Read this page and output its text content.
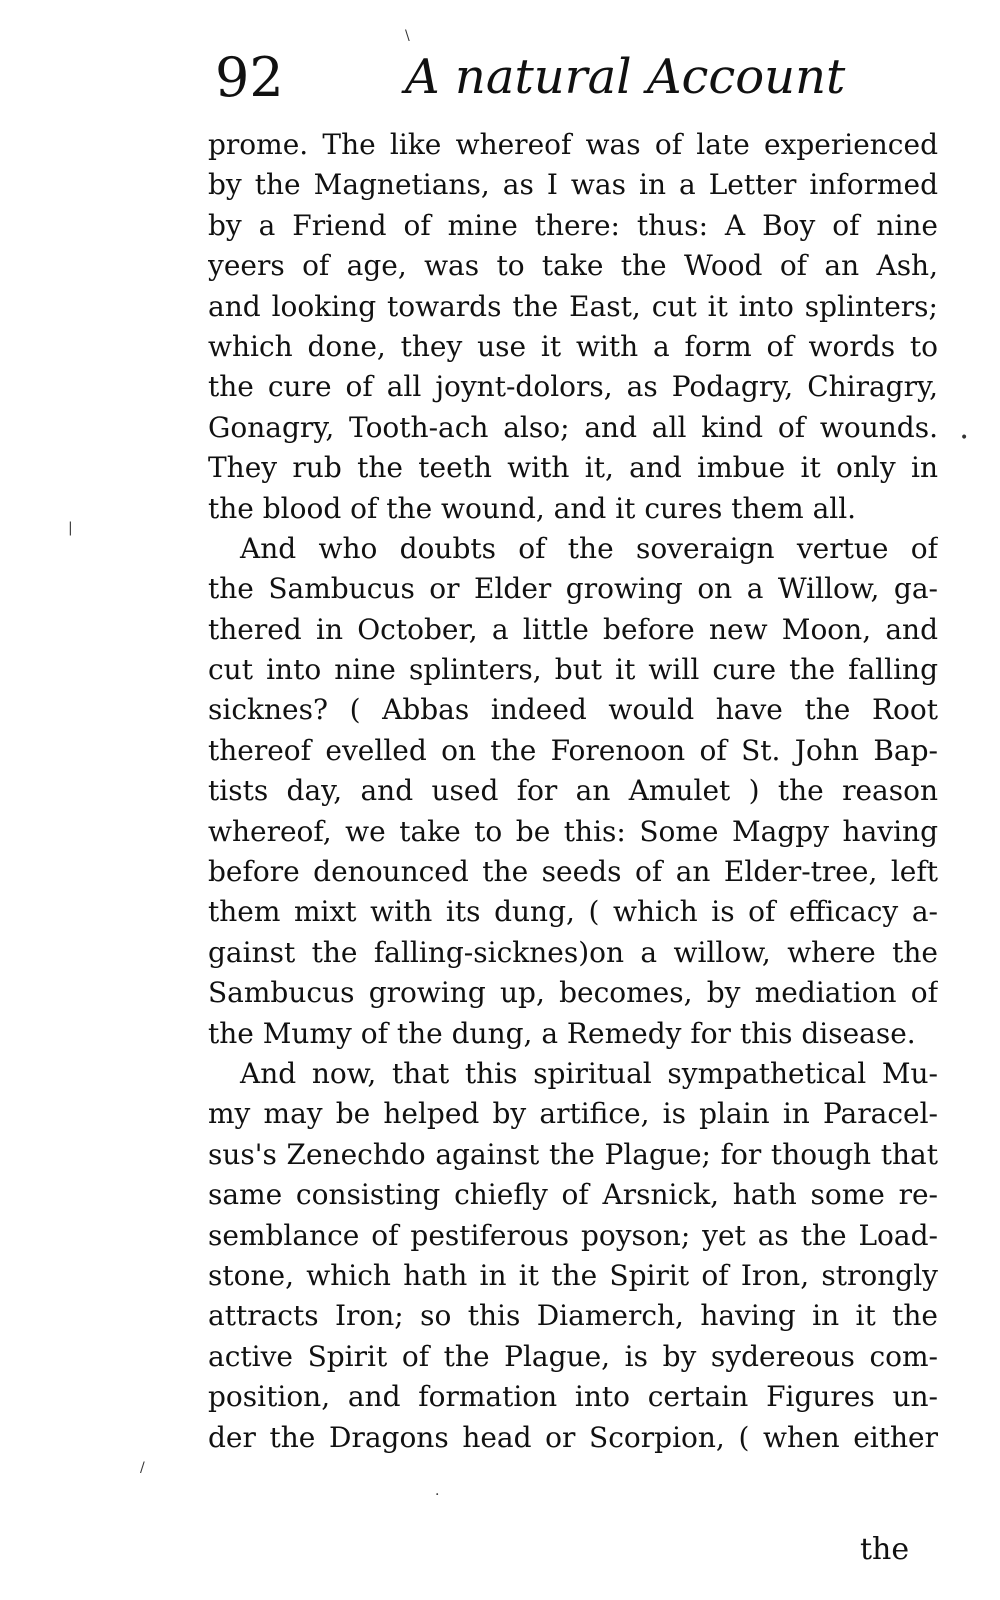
92	A natural Account
prome. The like whereof was of late experienced
by the Magnetians, as I was in a Letter informed
by a Friend of mine there: thus: A Boy of nine
yeers of age, was to take the Wood of an Ash,
and looking towards the East, cut it into splinters;
which done, they use it with a form of words to
the cure of all joynt-dolors, as Podagry, Chiragry,
Gonagry, Tooth-ach also; and all kind of wounds.
They rub the teeth with it, and imbue it only in
the blood of the wound, and it cures them all.
And who doubts of the soveraign vertue of
the Sambucus or Elder growing on a Willow, ga-
thered in October, a little before new Moon, and
cut into nine splinters, but it will cure the falling
sicknes? ( Abbas indeed would have the Root
thereof evelled on the Forenoon of St. John Bap-
tists day, and used for an Amulet ) the reason
whereof, we take to be this: Some Magpy having
before denounced the seeds of an Elder-tree, left
them mixt with its dung, ( which is of efficacy a-
gainst the falling-sicknes)on a willow, where the
Sambucus growing up, becomes, by mediation of
the Mumy of the dung, a Remedy for this disease.
And now, that this spiritual sympathetical Mu-
my may be helped by artifice, is plain in Paracel-
sus's Zenechdo against the Plague; for though that
same consisting chiefly of Arsnick, hath some re-
semblance of pestiferous poyson; yet as the Load-
stone, which hath in it the Spirit of Iron, strongly
attracts Iron; so this Diamerch, having in it the
active Spirit of the Plague, is by sydereous com-
position, and formation into certain Figures un-
der the Dragons head or Scorpion, ( when either
the
\
•
|
/
·
